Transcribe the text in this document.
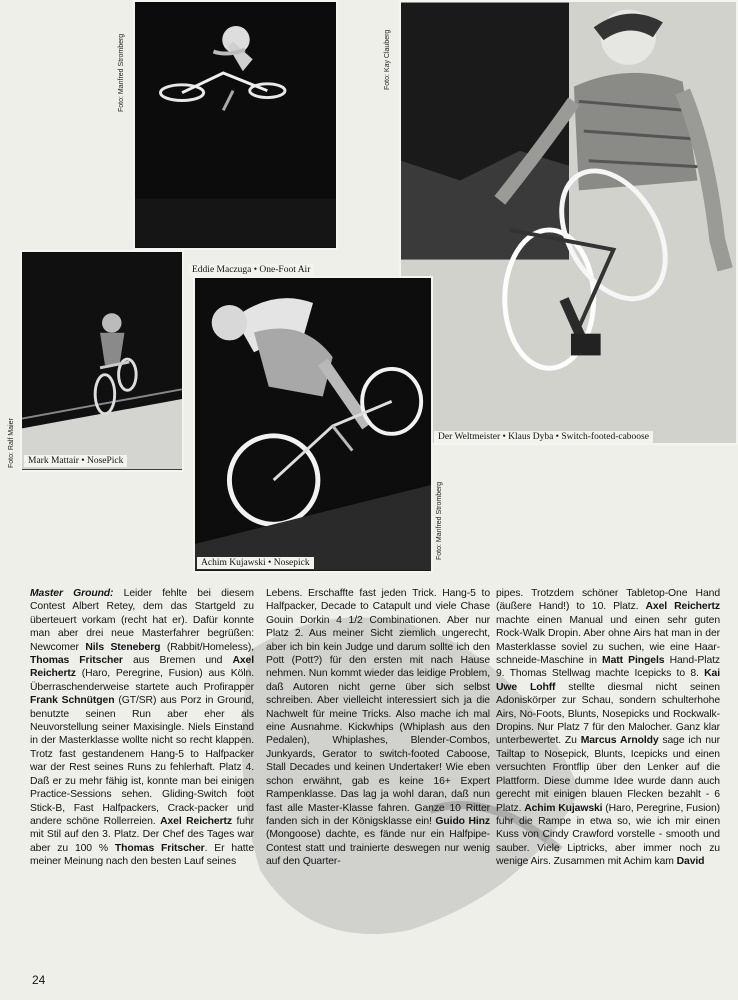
Eddie Maczuga • One-Foot Air
Foto: Manfred Stromberg
Der Weltmeister • Klaus Dyba • Switch-footed-caboose
Foto: Kay Clauberg
Mark Mattair • NosePick
Foto: Ralf Maier
Achim Kujawski • Nosepick
Foto: Manfred Stromberg

Master Ground: Leider fehlte bei diesem Contest Albert Retey, dem das Startgeld zu überteuert vorkam (recht hat er). Dafür konnte man aber drei neue Masterfahrer begrüßen: Newcomer Nils Steneberg (Rabbit/Homeless), Thomas Fritscher aus Bremen und Axel Reichertz (Haro, Peregrine, Fusion) aus Köln. Überraschenderweise startete auch Profirapper Frank Schnütgen (GT/SR) aus Porz in Ground, benutzte seinen Run aber eher als Neuvorstellung seiner Maxisingle. Niels Einstand in der Masterklasse wollte nicht so recht klappen. Trotz fast gestandenem Hang-5 to Halfpacker war der Rest seines Runs zu fehlerhaft. Platz 4. Daß er zu mehr fähig ist, konnte man bei einigen Practice-Sessions sehen. Gliding-Switch foot Stick-B, Fast Halfpackers, Crack-packer und andere schöne Rollerreien. Axel Reichertz fuhr mit Stil auf den 3. Platz. Der Chef des Tages war aber zu 100 % Thomas Fritscher. Er hatte meiner Meinung nach den besten Lauf seines

Lebens. Erschaffte fast jeden Trick. Hang-5 to Halfpacker, Decade to Catapult und viele Chase Gouin Dorkin 4 1/2 Combinationen. Aber nur Platz 2. Aus meiner Sicht ziemlich ungerecht, aber ich bin kein Judge und darum sollte ich den Pott (Pott?) für den ersten mit nach Hause nehmen. Nun kommt wieder das leidige Problem, daß Autoren nicht gerne über sich selbst schreiben. Aber vielleicht interessiert sich ja die Nachwelt für meine Tricks. Also mache ich mal eine Ausnahme. Kickwhips (Whiplash aus den Pedalen), Whiplashes, Blender-Combos, Junkyards, Gerator to switch-footed Caboose, Stall Decades und keinen Undertaker! Wie eben schon erwähnt, gab es keine 16+ Expert Rampenklasse. Das lag ja wohl daran, daß nun fast alle Master-Klasse fahren. Ganze 10 Ritter fanden sich in der Königsklasse ein! Guido Hinz (Mongoose) dachte, es fände nur ein Halfpipe-Contest statt und trainierte deswegen nur wenig auf den Quarter-

pipes. Trotzdem schöner Tabletop-One Hand (äußere Hand!) to 10. Platz. Axel Reichertz machte einen Manual und einen sehr guten Rock-Walk Dropin. Aber ohne Airs hat man in der Masterklasse soviel zu suchen, wie eine Haar-schneide-Maschine in Matt Pingels Hand-Platz 9. Thomas Stellwag machte Icepicks to 8. Kai Uwe Lohff stellte diesmal nicht seinen Adoniskörper zur Schau, sondern schulterhohe Airs, No-Foots, Blunts, Nosepicks und Rockwalk-Dropins. Nur Platz 7 für den Malocher. Ganz klar unterbewertet. Zu Marcus Arnoldy sage ich nur Tailtap to Nosepick, Blunts, Icepicks und einen versuchten Frontflip über den Lenker auf die Plattform. Diese dumme Idee wurde dann auch gerecht mit einigen blauen Flecken bezahlt - 6 Platz. Achim Kujawski (Haro, Peregrine, Fusion) fuhr die Rampe in etwa so, wie ich mir einen Kuss von Cindy Crawford vorstelle - smooth und sauber. Viele Liptricks, aber immer noch zu wenige Airs. Zusammen mit Achim kam David

24
